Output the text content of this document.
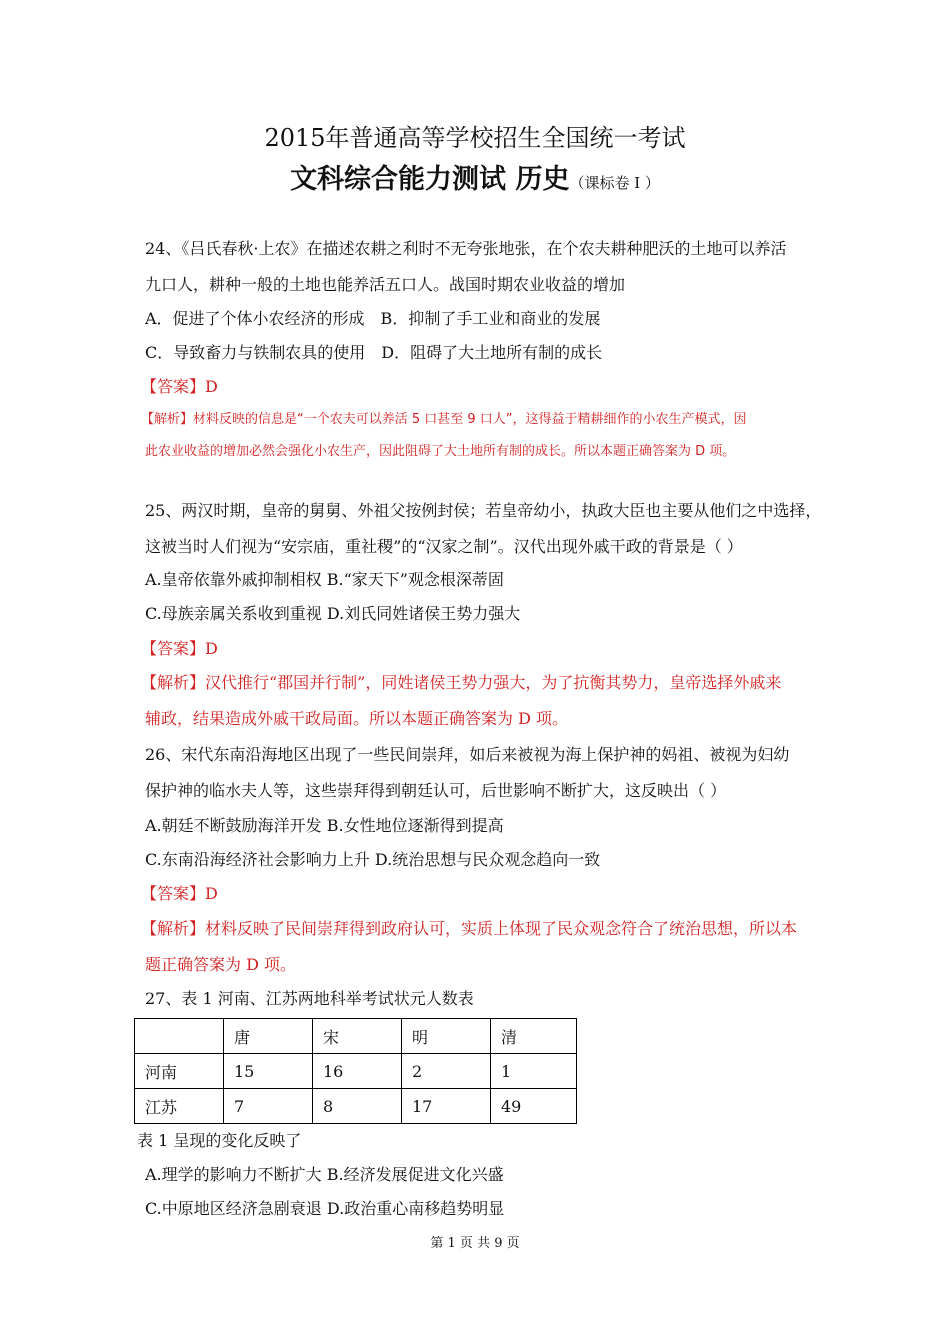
2015年普通高等学校招生全国统一考试
文科综合能力测试 历史（课标卷 I ）
24、《吕氏春秋·上农》在描述农耕之利时不无夸张地张，在个农夫耕种肥沃的土地可以养活
九口人，耕种一般的土地也能养活五口人。战国时期农业收益的增加
A．促进了个体小农经济的形成　B．抑制了手工业和商业的发展
C．导致畜力与铁制农具的使用　D．阻碍了大土地所有制的成长
【答案】D
【解析】材料反映的信息是“一个农夫可以养活 5 口甚至 9 口人”，这得益于精耕细作的小农生产模式，因
此农业收益的增加必然会强化小农生产，因此阻碍了大土地所有制的成长。所以本题正确答案为 D 项。
25、两汉时期，皇帝的舅舅、外祖父按例封侯；若皇帝幼小，执政大臣也主要从他们之中选择，
这被当时人们视为“安宗庙，重社稷”的“汉家之制”。汉代出现外戚干政的背景是（ ）
A.皇帝依靠外戚抑制相权 B.“家天下”观念根深蒂固
C.母族亲属关系收到重视 D.刘氏同姓诸侯王势力强大
【答案】D
【解析】汉代推行“郡国并行制”，同姓诸侯王势力强大，为了抗衡其势力，皇帝选择外戚来
辅政，结果造成外戚干政局面。所以本题正确答案为 D 项。
26、宋代东南沿海地区出现了一些民间崇拜，如后来被视为海上保护神的妈祖、被视为妇幼
保护神的临水夫人等，这些崇拜得到朝廷认可，后世影响不断扩大，这反映出（ ）
A.朝廷不断鼓励海洋开发 B.女性地位逐渐得到提高
C.东南沿海经济社会影响力上升 D.统治思想与民众观念趋向一致
【答案】D
【解析】材料反映了民间崇拜得到政府认可，实质上体现了民众观念符合了统治思想，所以本
题正确答案为 D 项。
27、表 1 河南、江苏两地科举考试状元人数表
	唐	宋	明	清
河南	15	16	2	1
江苏	7	8	17	49
表 1 呈现的变化反映了
A.理学的影响力不断扩大 B.经济发展促进文化兴盛
C.中原地区经济急剧衰退 D.政治重心南移趋势明显
第 1 页 共 9 页
